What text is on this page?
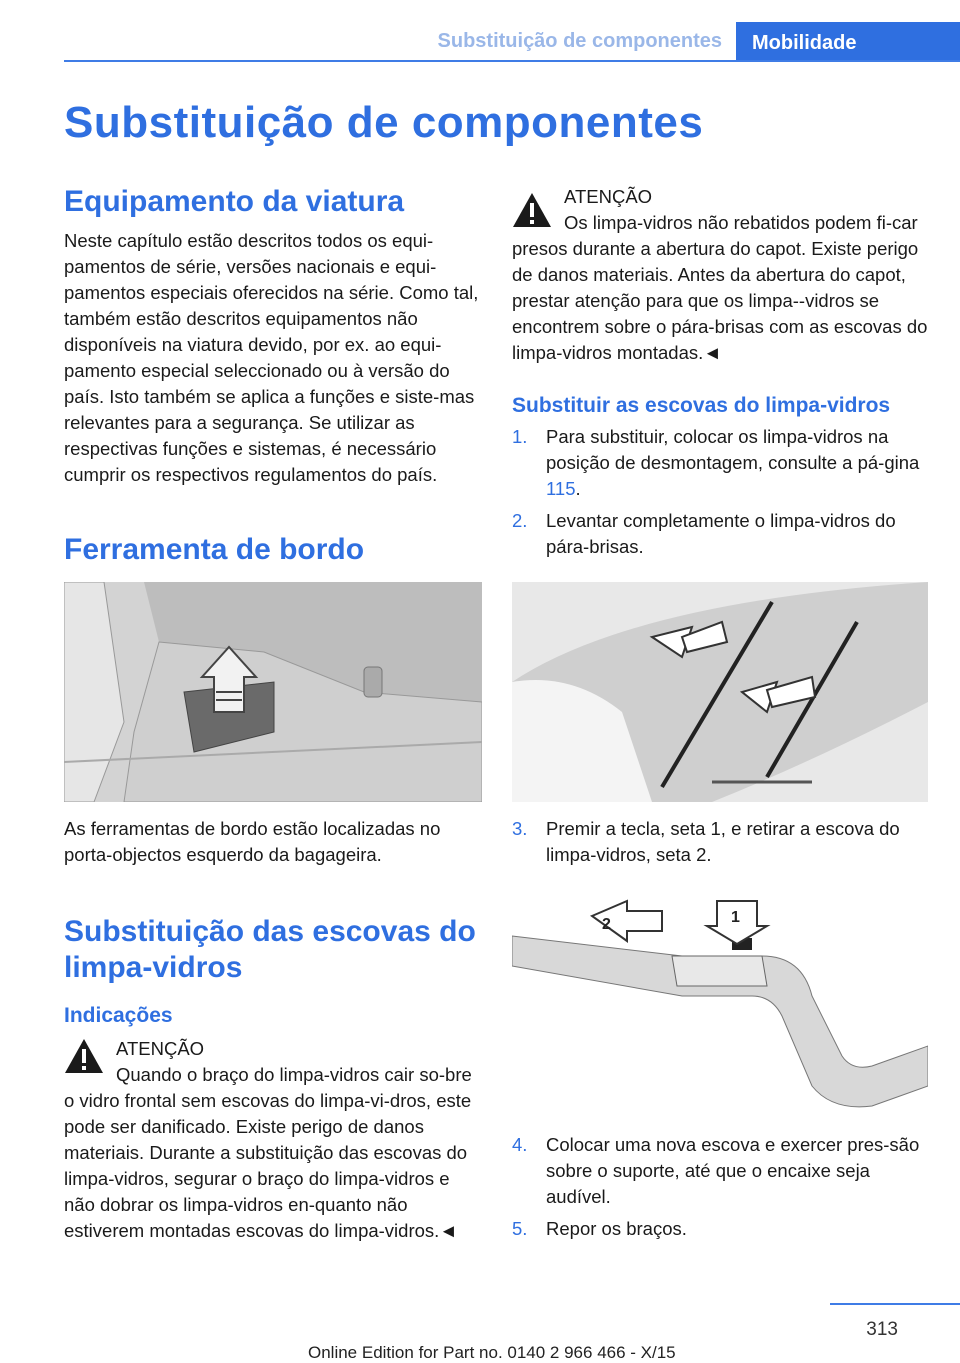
Substituição de componentes	Mobilidade
Substituição de componentes
Equipamento da viatura

Neste capítulo estão descritos todos os equi-pamentos de série, versões nacionais e equi-pamentos especiais oferecidos na série. Como tal, também estão descritos equipamentos não disponíveis na viatura devido, por ex. ao equi-pamento especial seleccionado ou à versão do país. Isto também se aplica a funções e siste-mas relevantes para a segurança. Se utilizar as respectivas funções e sistemas, é necessário cumprir os respectivos regulamentos do país.

Ferramenta de bordo

As ferramentas de bordo estão localizadas no porta-objectos esquerdo da bagageira.

Substituição das escovas do limpa-vidros
Indicações
ATENÇÃO
Quando o braço do limpa-vidros cair so-bre o vidro frontal sem escovas do limpa-vi-dros, este pode ser danificado. Existe perigo de danos materiais. Durante a substituição das escovas do limpa-vidros, segurar o braço do limpa-vidros e não dobrar os limpa-vidros en-quanto não estiverem montadas escovas do limpa-vidros.◄
ATENÇÃO
Os limpa-vidros não rebatidos podem fi-car presos durante a abertura do capot. Existe perigo de danos materiais. Antes da abertura do capot, prestar atenção para que os limpa--vidros se encontrem sobre o pára-brisas com as escovas do limpa-vidros montadas.◄
Substituir as escovas do limpa-vidros
1. Para substituir, colocar os limpa-vidros na posição de desmontagem, consulte a pá-gina 115.
2. Levantar completamente o limpa-vidros do pára-brisas.
3. Premir a tecla, seta 1, e retirar a escova do limpa-vidros, seta 2.
1
2
4. Colocar uma nova escova e exercer pres-são sobre o suporte, até que o encaixe seja audível.
5. Repor os braços.
313
Online Edition for Part no. 0140 2 966 466 - X/15
